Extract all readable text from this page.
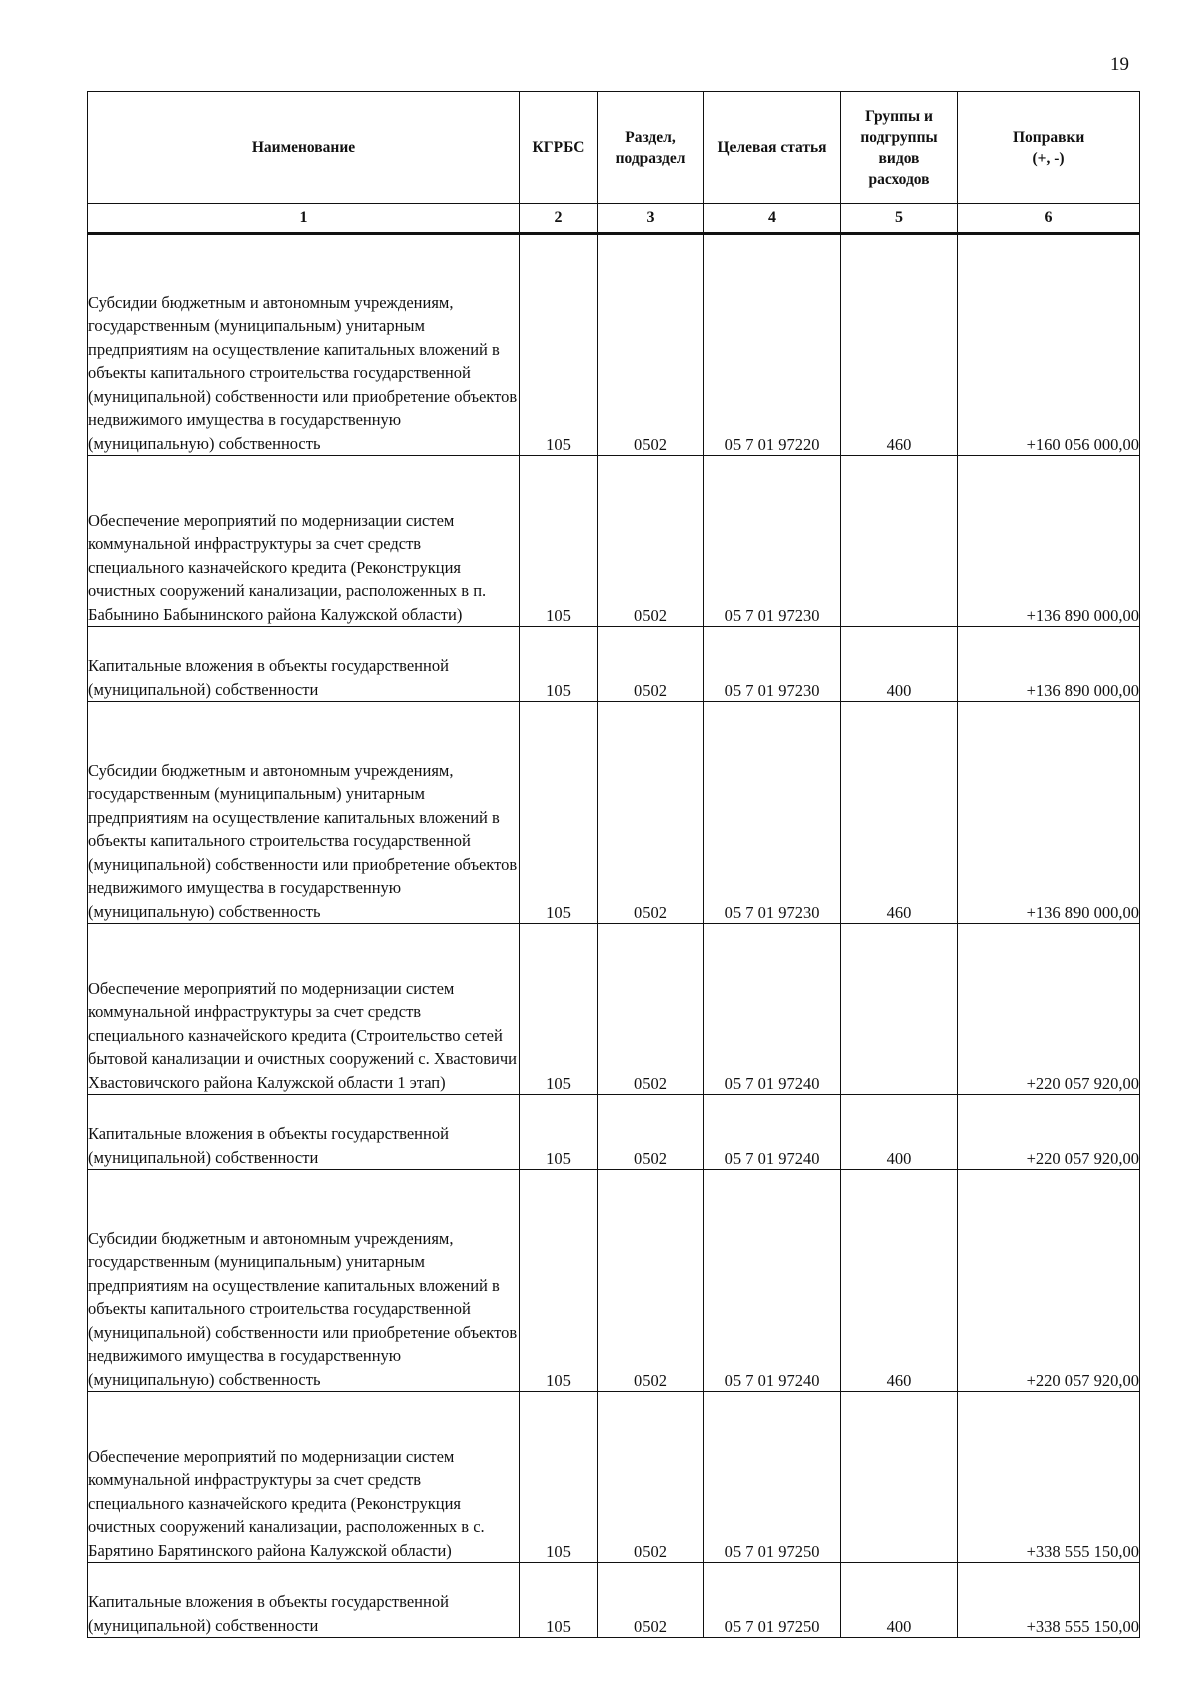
19
Наименование	КГРБС	Раздел, подраздел	Целевая статья	Группы и подгруппы видов расходов	Поправки (+, -)
1	2	3	4	5	6
Субсидии бюджетным и автономным учреждениям, государственным (муниципальным) унитарным предприятиям на осуществление капитальных вложений в объекты капитального строительства государственной (муниципальной) собственности или приобретение объектов недвижимого имущества в государственную (муниципальную) собственность	105	0502	05 7 01 97220	460	+160 056 000,00
Обеспечение мероприятий по модернизации систем коммунальной инфраструктуры за счет средств специального казначейского кредита (Реконструкция очистных сооружений канализации, расположенных в п. Бабынино Бабынинского района Калужской области)	105	0502	05 7 01 97230		+136 890 000,00
Капитальные вложения в объекты государственной (муниципальной) собственности	105	0502	05 7 01 97230	400	+136 890 000,00
Субсидии бюджетным и автономным учреждениям, государственным (муниципальным) унитарным предприятиям на осуществление капитальных вложений в объекты капитального строительства государственной (муниципальной) собственности или приобретение объектов недвижимого имущества в государственную (муниципальную) собственность	105	0502	05 7 01 97230	460	+136 890 000,00
Обеспечение мероприятий по модернизации систем коммунальной инфраструктуры за счет средств специального казначейского кредита (Строительство сетей бытовой канализации и очистных сооружений с. Хвастовичи Хвастовичского района Калужской области 1 этап)	105	0502	05 7 01 97240		+220 057 920,00
Капитальные вложения в объекты государственной (муниципальной) собственности	105	0502	05 7 01 97240	400	+220 057 920,00
Субсидии бюджетным и автономным учреждениям, государственным (муниципальным) унитарным предприятиям на осуществление капитальных вложений в объекты капитального строительства государственной (муниципальной) собственности или приобретение объектов недвижимого имущества в государственную (муниципальную) собственность	105	0502	05 7 01 97240	460	+220 057 920,00
Обеспечение мероприятий по модернизации систем коммунальной инфраструктуры за счет средств специального казначейского кредита (Реконструкция очистных сооружений канализации, расположенных в с. Барятино Барятинского района Калужской области)	105	0502	05 7 01 97250		+338 555 150,00
Капитальные вложения в объекты государственной (муниципальной) собственности	105	0502	05 7 01 97250	400	+338 555 150,00
